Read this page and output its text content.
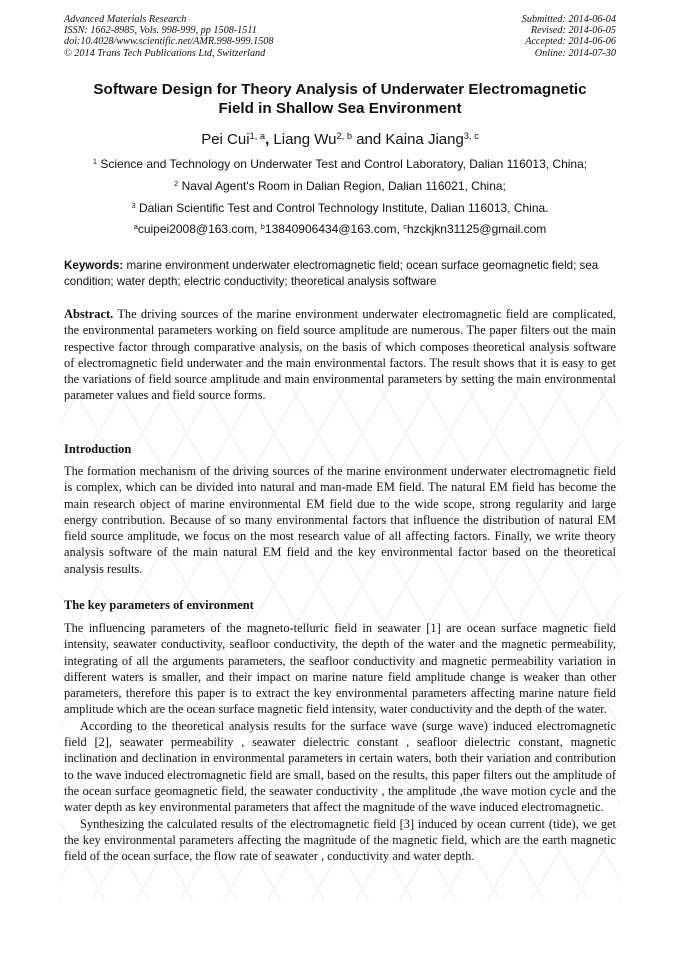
Advanced Materials Research
ISSN: 1662-8985, Vols. 998-999, pp 1508-1511
doi:10.4028/www.scientific.net/AMR.998-999.1508
© 2014 Trans Tech Publications Ltd, Switzerland
Submitted: 2014-06-04
Revised: 2014-06-05
Accepted: 2014-06-06
Online: 2014-07-30
Software Design for Theory Analysis of Underwater Electromagnetic
Field in Shallow Sea Environment
Pei Cui$^{1, a}$, Liang Wu$^{2, b}$ and Kaina Jiang$^{3, c}$
$^1$ Science and Technology on Underwater Test and Control Laboratory, Dalian 116013, China;
$^2$ Naval Agent's Room in Dalian Region, Dalian 116021, China;
$^3$ Dalian Scientific Test and Control Technology Institute, Dalian 116013, China.
$^a$cuipei2008@163.com, $^b$13840906434@163.com, $^c$hzckjkn31125@gmail.com
Keywords: marine environment underwater electromagnetic field; ocean surface geomagnetic field; sea condition; water depth; electric conductivity; theoretical analysis software
Abstract. The driving sources of the marine environment underwater electromagnetic field are complicated, the environmental parameters working on field source amplitude are numerous. The paper filters out the main respective factor through comparative analysis, on the basis of which composes theoretical analysis software of electromagnetic field underwater and the main environmental factors. The result shows that it is easy to get the variations of field source amplitude and main environmental parameters by setting the main environmental parameter values and field source forms.
Introduction

The formation mechanism of the driving sources of the marine environment underwater electromagnetic field is complex, which can be divided into natural and man-made EM field. The natural EM field has become the main research object of marine environmental EM field due to the wide scope, strong regularity and large energy contribution. Because of so many environmental factors that influence the distribution of natural EM field source amplitude, we focus on the most research value of all affecting factors. Finally, we write theory analysis software of the main natural EM field and the key environmental factor based on the theoretical analysis results.

The key parameters of environment

The influencing parameters of the magneto-telluric field in seawater [1] are ocean surface magnetic field intensity, seawater conductivity, seafloor conductivity, the depth of the water and the magnetic permeability, integrating of all the arguments parameters, the seafloor conductivity and magnetic permeability variation in different waters is smaller, and their impact on marine nature field amplitude change is weaker than other parameters, therefore this paper is to extract the key environmental parameters affecting marine nature field amplitude which are the ocean surface magnetic field intensity, water conductivity and the depth of the water.

According to the theoretical analysis results for the surface wave (surge wave) induced electromagnetic field [2], seawater permeability , seawater dielectric constant , seafloor dielectric constant, magnetic inclination and declination in environmental parameters in certain waters, both their variation and contribution to the wave induced electromagnetic field are small, based on the results, this paper filters out the amplitude of the ocean surface geomagnetic field, the seawater conductivity , the amplitude ,the wave motion cycle and the water depth as key environmental parameters that affect the magnitude of the wave induced electromagnetic.

Synthesizing the calculated results of the electromagnetic field [3] induced by ocean current (tide), we get the key environmental parameters affecting the magnitude of the magnetic field, which are the earth magnetic field of the ocean surface, the flow rate of seawater , conductivity and water depth.
